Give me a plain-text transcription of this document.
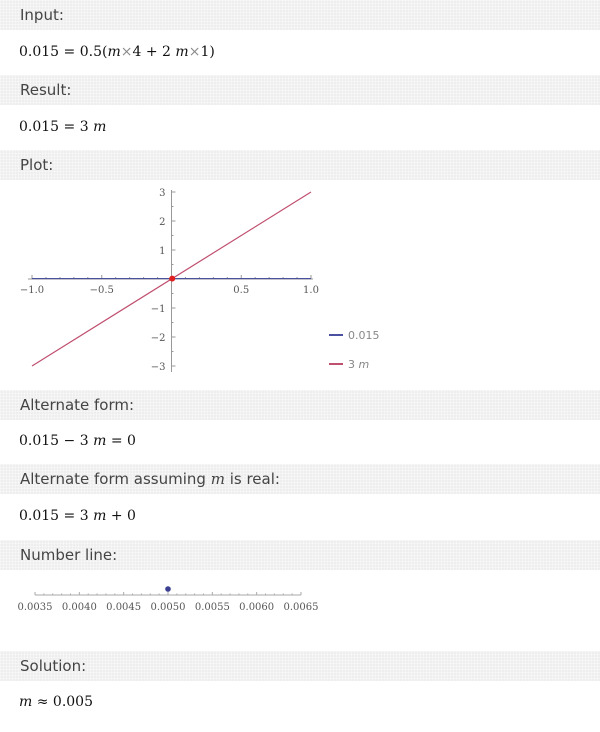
Input:
0.015 = 0.5(m×4 + 2 m×1)
Result:
0.015 = 3 m
Plot:
−1.0	−0.5	0.5	1.0
3
2
1
−1
−2
−3
0.015
3 m
Alternate form:
0.015 − 3 m = 0
Alternate form assuming m is real:
0.015 = 3 m + 0
Number line:
0.0035 0.0040 0.0045 0.0050 0.0055 0.0060 0.0065
Solution:
m ≈ 0.005
